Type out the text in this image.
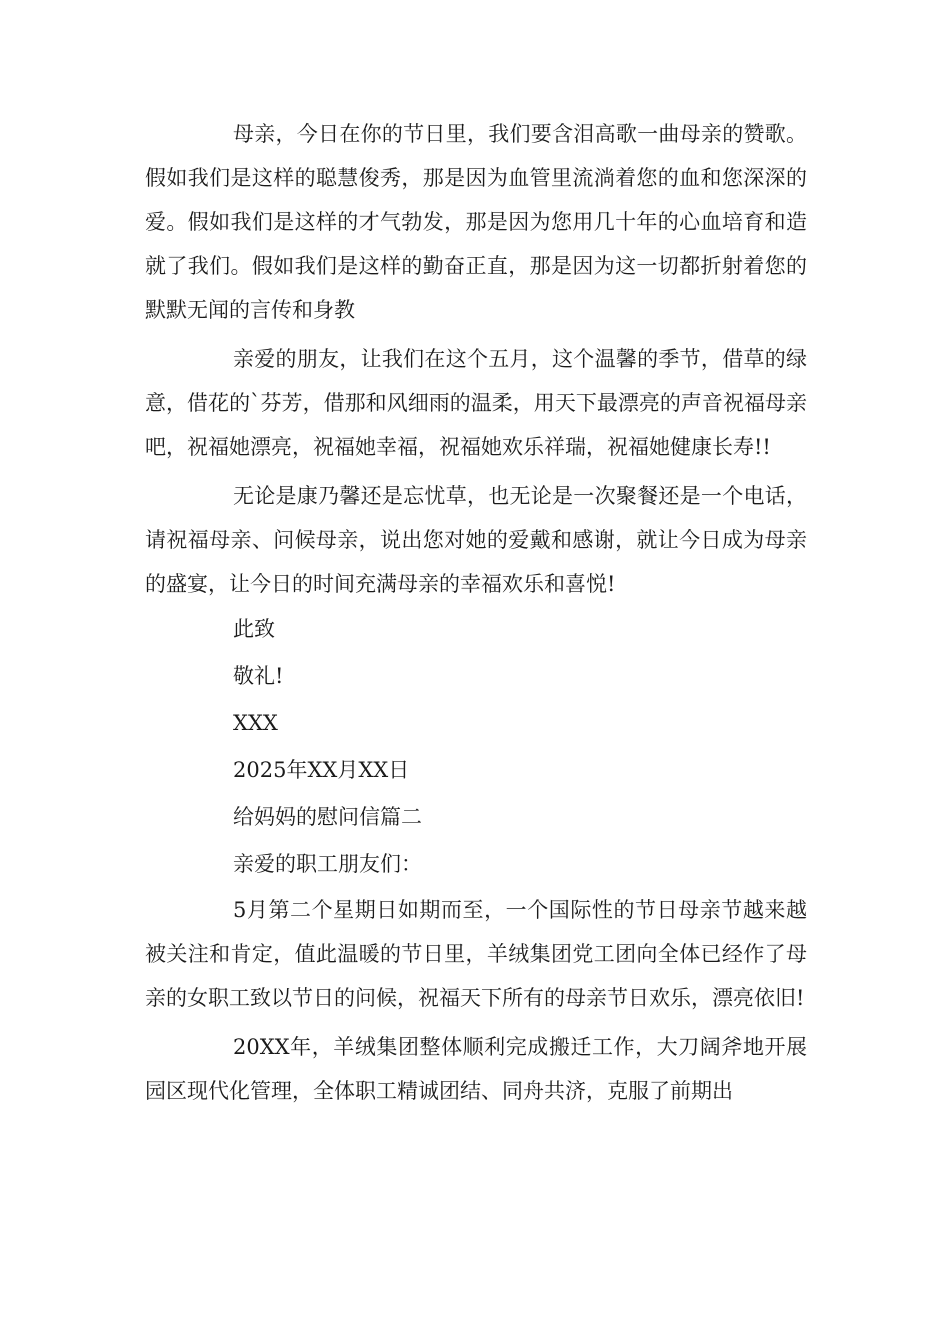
母亲，今日在你的节日里，我们要含泪高歌一曲母亲的赞歌。假如我们是这样的聪慧俊秀，那是因为血管里流淌着您的血和您深深的爱。假如我们是这样的才气勃发，那是因为您用几十年的心血培育和造就了我们。假如我们是这样的勤奋正直，那是因为这一切都折射着您的默默无闻的言传和身教

亲爱的朋友，让我们在这个五月，这个温馨的季节，借草的绿意，借花的`芬芳，借那和风细雨的温柔，用天下最漂亮的声音祝福母亲吧，祝福她漂亮，祝福她幸福，祝福她欢乐祥瑞，祝福她健康长寿!!

无论是康乃馨还是忘忧草，也无论是一次聚餐还是一个电话，请祝福母亲、问候母亲，说出您对她的爱戴和感谢，就让今日成为母亲的盛宴，让今日的时间充满母亲的幸福欢乐和喜悦!

此致

敬礼!

XXX

2025年XX月XX日

给妈妈的慰问信篇二

亲爱的职工朋友们：

5月第二个星期日如期而至，一个国际性的节日母亲节越来越被关注和肯定，值此温暖的节日里，羊绒集团党工团向全体已经作了母亲的女职工致以节日的问候，祝福天下所有的母亲节日欢乐，漂亮依旧!

20XX年，羊绒集团整体顺利完成搬迁工作，大刀阔斧地开展园区现代化管理，全体职工精诚团结、同舟共济，克服了前期出
